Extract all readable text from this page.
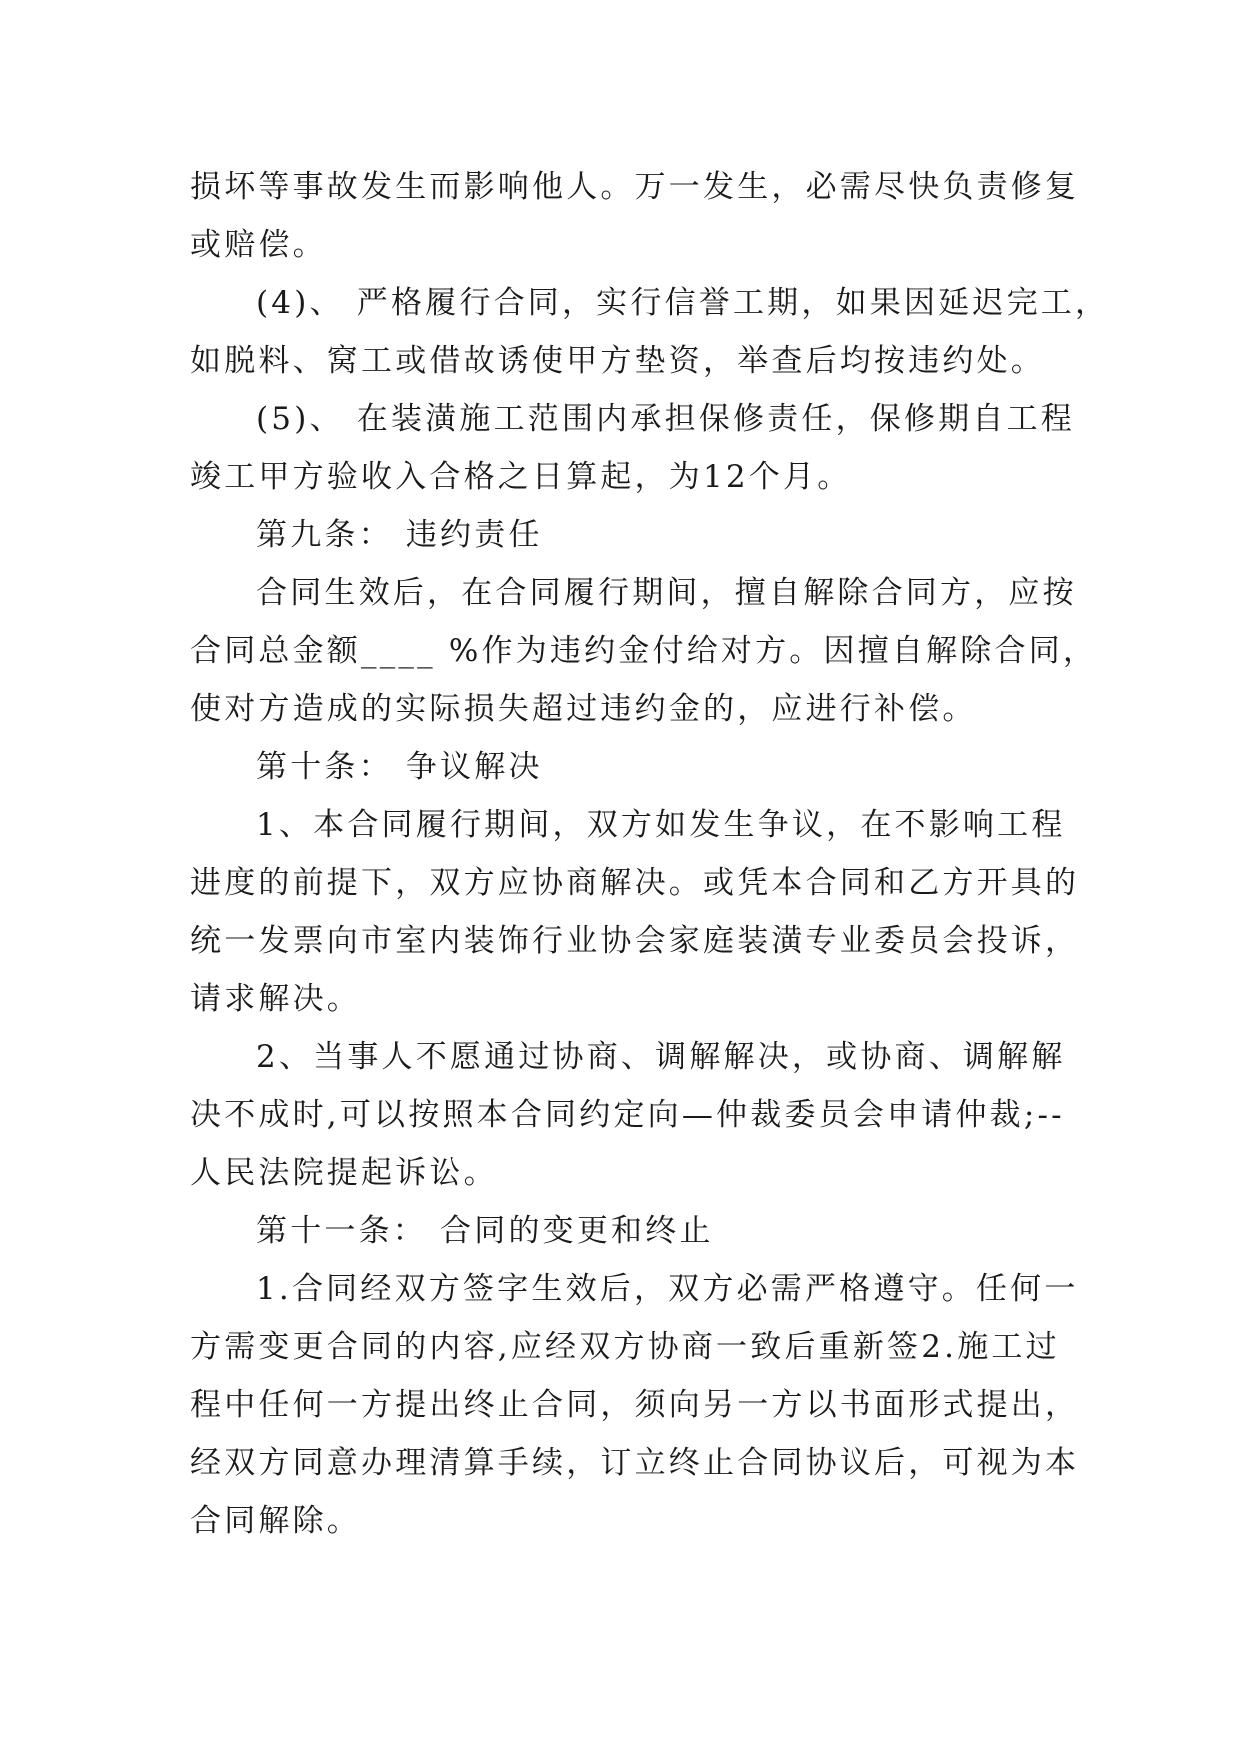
损坏等事故发生而影响他人。万一发生，必需尽快负责修复
或赔偿。
(4)、 严格履行合同，实行信誉工期，如果因延迟完工，
如脱料、窝工或借故诱使甲方垫资，举查后均按违约处。
(5)、 在装潢施工范围内承担保修责任，保修期自工程
竣工甲方验收入合格之日算起，为12个月。
第九条： 违约责任
合同生效后，在合同履行期间，擅自解除合同方，应按
合同总金额____ %作为违约金付给对方。因擅自解除合同，
使对方造成的实际损失超过违约金的，应进行补偿。
第十条： 争议解决
1、本合同履行期间，双方如发生争议，在不影响工程
进度的前提下，双方应协商解决。或凭本合同和乙方开具的
统一发票向市室内装饰行业协会家庭装潢专业委员会投诉，
请求解决。
2、当事人不愿通过协商、调解解决，或协商、调解解
决不成时,可以按照本合同约定向—仲裁委员会申请仲裁;--
人民法院提起诉讼。
第十一条： 合同的变更和终止
1.合同经双方签字生效后，双方必需严格遵守。任何一
方需变更合同的内容,应经双方协商一致后重新签2.施工过
程中任何一方提出终止合同，须向另一方以书面形式提出，
经双方同意办理清算手续，订立终止合同协议后，可视为本
合同解除。
